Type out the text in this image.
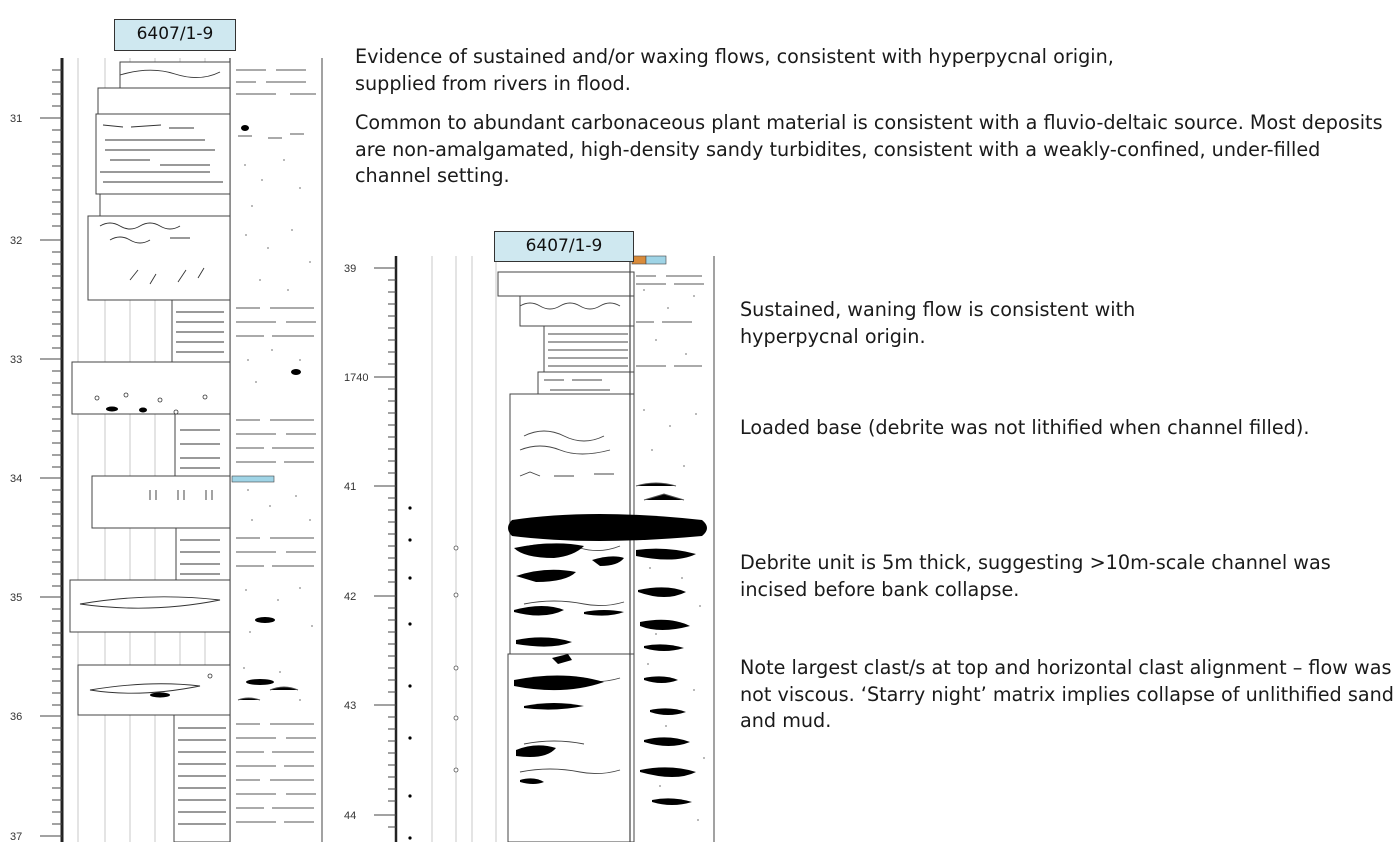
31
32
33
34
35
36
37
6407/1-9
39
1740
41
42
43
44
6407/1-9

Evidence of sustained and/or waxing flows, consistent with hyperpycnal origin, supplied from rivers in flood.

Common to abundant carbonaceous plant material is consistent with a fluvio-deltaic source. Most deposits are non-amalgamated, high-density sandy turbidites, consistent with a weakly-confined, under-filled channel setting.

Sustained, waning flow is consistent with hyperpycnal origin.

Loaded base (debrite was not lithified when channel filled).

Debrite unit is 5m thick, suggesting >10m-scale channel was incised before bank collapse.

Note largest clast/s at top and horizontal clast alignment – flow was not viscous. ‘Starry night’ matrix implies collapse of unlithified sand and mud.
